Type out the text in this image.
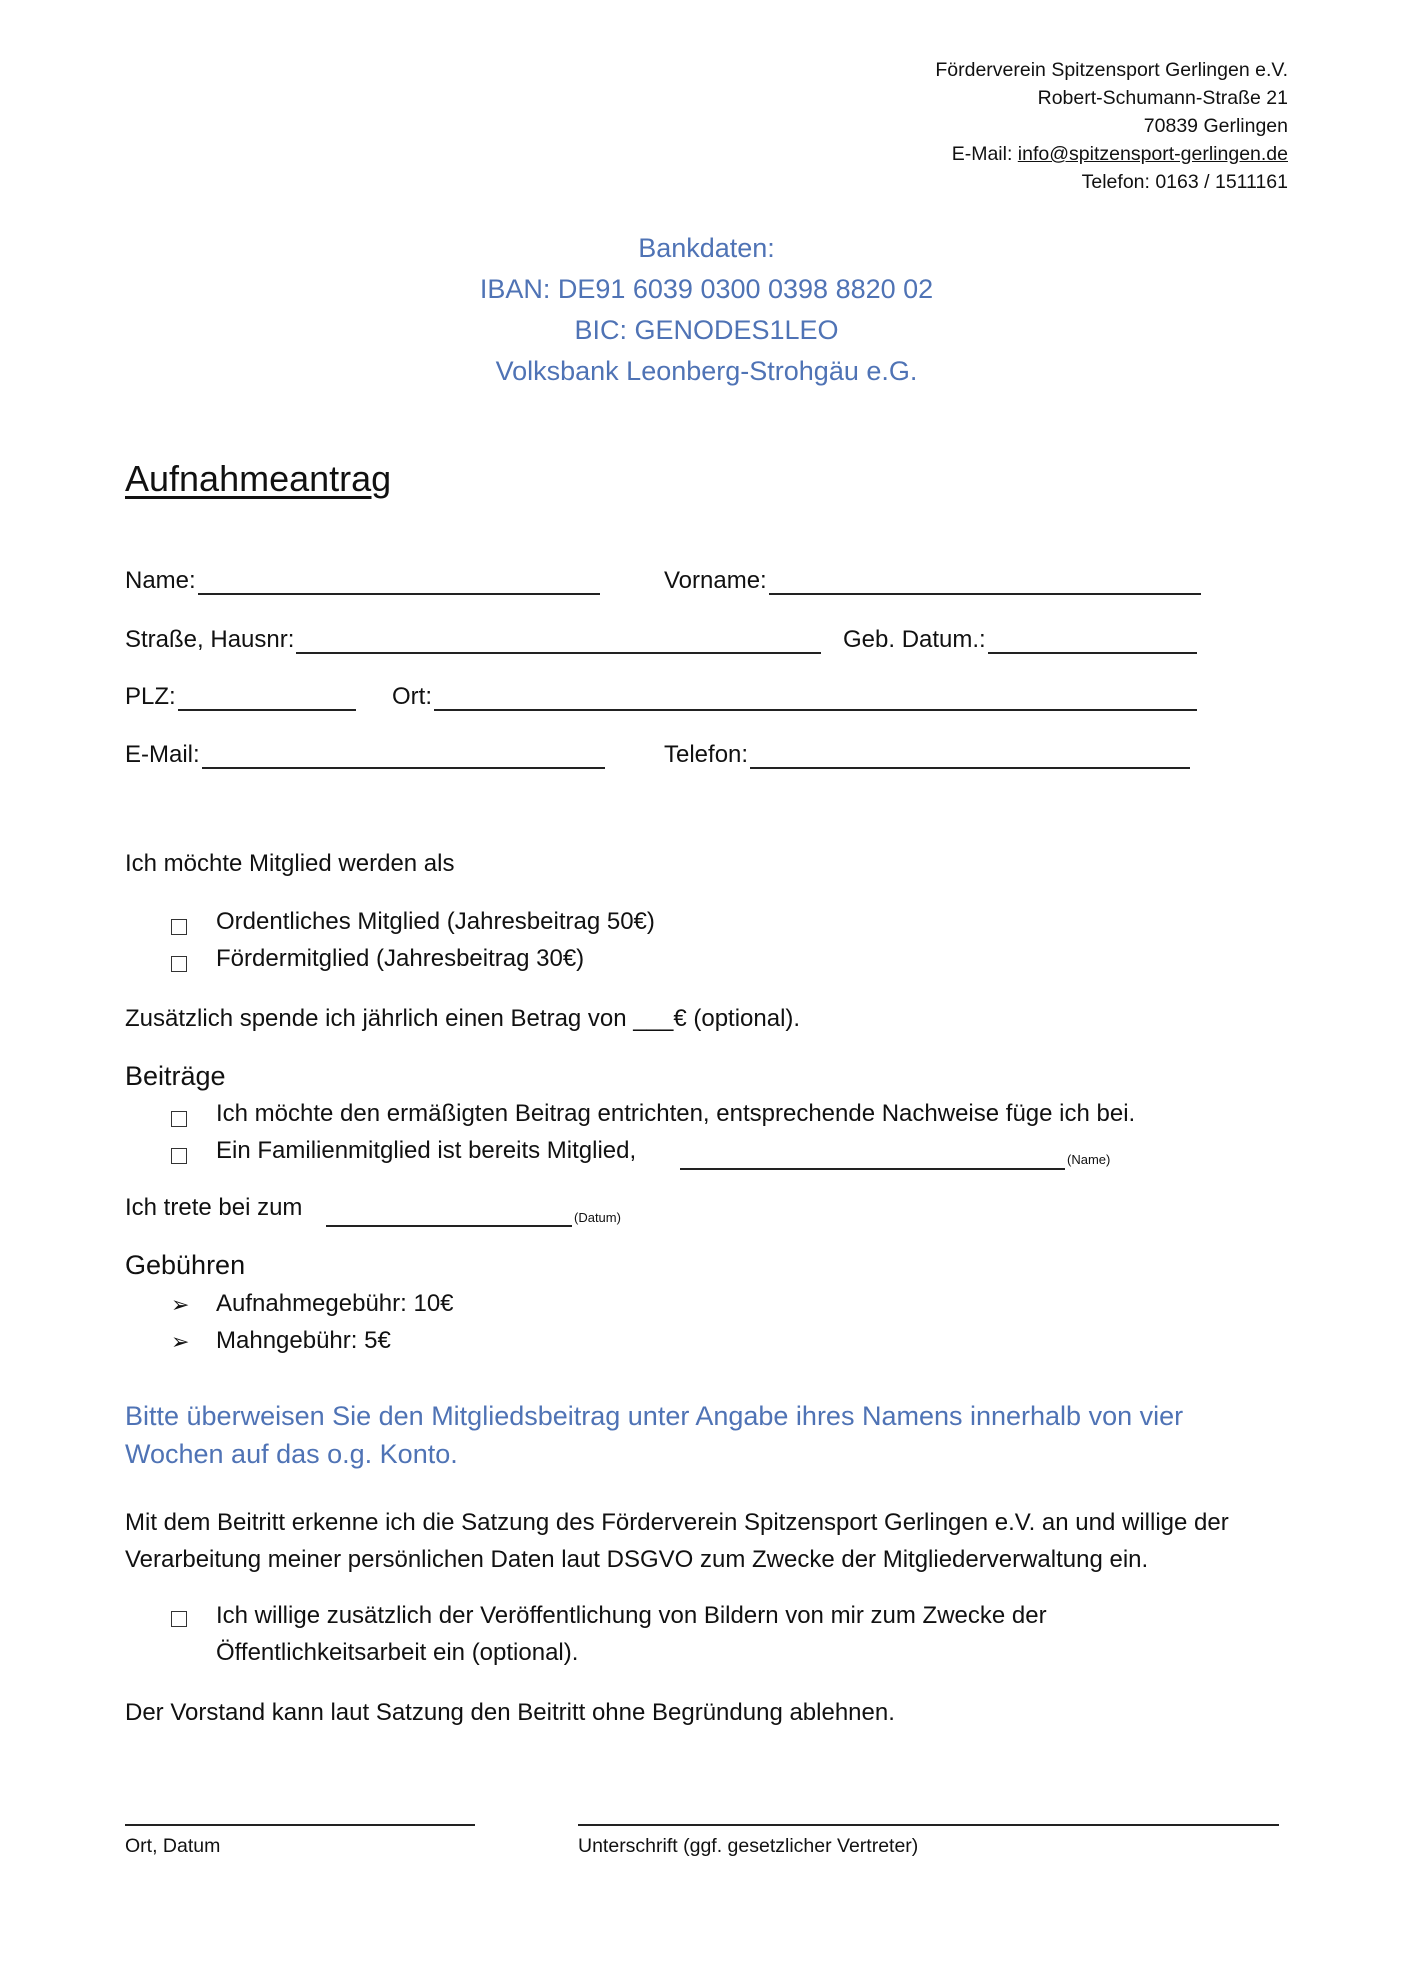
Förderverein Spitzensport Gerlingen e.V.
Robert-Schumann-Straße 21
70839 Gerlingen
E-Mail: info@spitzensport-gerlingen.de
Telefon: 0163 / 1511161
Bankdaten:
IBAN: DE91 6039 0300 0398 8820 02
BIC: GENODES1LEO
Volksbank Leonberg-Strohgäu e.G.
Aufnahmeantrag
Name:	Vorname:
Straße, Hausnr:	Geb. Datum.:
PLZ:	Ort:
E-Mail:	Telefon:
Ich möchte Mitglied werden als
Ordentliches Mitglied (Jahresbeitrag 50€)
Fördermitglied (Jahresbeitrag 30€)
Zusätzlich spende ich jährlich einen Betrag von ___€ (optional).
Beiträge
Ich möchte den ermäßigten Beitrag entrichten, entsprechende Nachweise füge ich bei.
Ein Familienmitglied ist bereits Mitglied,	(Name)
Ich trete bei zum	(Datum)
Gebühren
➢ Aufnahmegebühr: 10€
➢ Mahngebühr: 5€
Bitte überweisen Sie den Mitgliedsbeitrag unter Angabe ihres Namens innerhalb von vier Wochen auf das o.g. Konto.
Mit dem Beitritt erkenne ich die Satzung des Förderverein Spitzensport Gerlingen e.V. an und willige der Verarbeitung meiner persönlichen Daten laut DSGVO zum Zwecke der Mitgliederverwaltung ein.
Ich willige zusätzlich der Veröffentlichung von Bildern von mir zum Zwecke der Öffentlichkeitsarbeit ein (optional).
Der Vorstand kann laut Satzung den Beitritt ohne Begründung ablehnen.
Ort, Datum	Unterschrift (ggf. gesetzlicher Vertreter)
